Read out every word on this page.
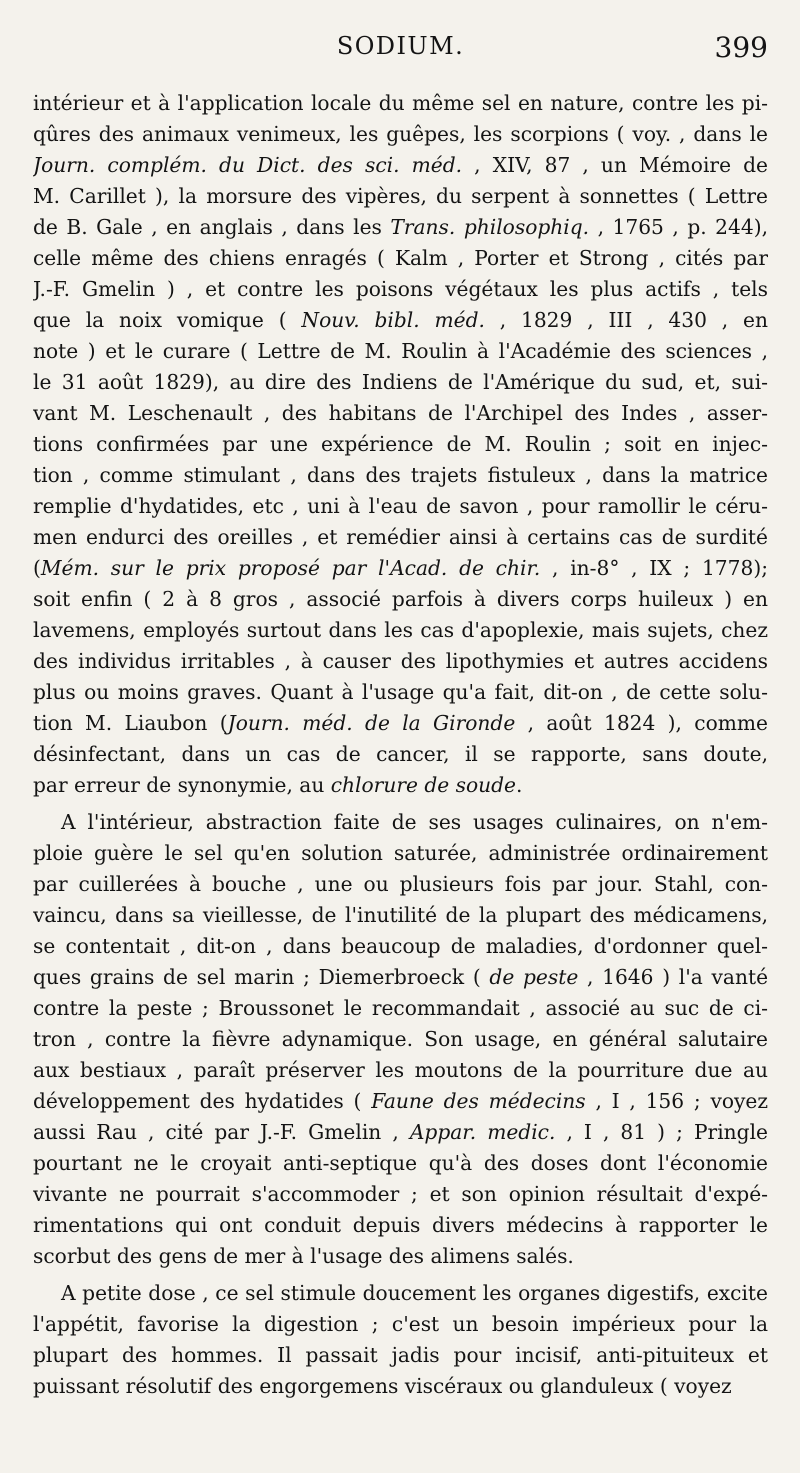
SODIUM.	399
intérieur et à l'application locale du même sel en nature, contre les pi-
qûres des animaux venimeux, les guêpes, les scorpions ( voy. , dans le
Journ. complém. du Dict. des sci. méd. , XIV, 87 , un Mémoire de
M. Carillet ), la morsure des vipères, du serpent à sonnettes ( Lettre
de B. Gale , en anglais , dans les Trans. philosophiq. , 1765 , p. 244),
celle même des chiens enragés ( Kalm , Porter et Strong , cités par
J.-F. Gmelin ) , et contre les poisons végétaux les plus actifs , tels
que la noix vomique ( Nouv. bibl. méd. , 1829 , III , 430 , en
note ) et le curare ( Lettre de M. Roulin à l'Académie des sciences ,
le 31 août 1829), au dire des Indiens de l'Amérique du sud, et, sui-
vant M. Leschenault , des habitans de l'Archipel des Indes , asser-
tions confirmées par une expérience de M. Roulin ; soit en injec-
tion , comme stimulant , dans des trajets fistuleux , dans la matrice
remplie d'hydatides, etc , uni à l'eau de savon , pour ramollir le céru-
men endurci des oreilles , et remédier ainsi à certains cas de surdité
(Mém. sur le prix proposé par l'Acad. de chir. , in-8° , IX ; 1778);
soit enfin ( 2 à 8 gros , associé parfois à divers corps huileux ) en
lavemens, employés surtout dans les cas d'apoplexie, mais sujets, chez
des individus irritables , à causer des lipothymies et autres accidens
plus ou moins graves. Quant à l'usage qu'a fait, dit-on , de cette solu-
tion M. Liaubon (Journ. méd. de la Gironde , août 1824 ), comme
désinfectant, dans un cas de cancer, il se rapporte, sans doute,
par erreur de synonymie, au chlorure de soude.
A l'intérieur, abstraction faite de ses usages culinaires, on n'em-
ploie guère le sel qu'en solution saturée, administrée ordinairement
par cuillerées à bouche , une ou plusieurs fois par jour. Stahl, con-
vaincu, dans sa vieillesse, de l'inutilité de la plupart des médicamens,
se contentait , dit-on , dans beaucoup de maladies, d'ordonner quel-
ques grains de sel marin ; Diemerbroeck ( de peste , 1646 ) l'a vanté
contre la peste ; Broussonet le recommandait , associé au suc de ci-
tron , contre la fièvre adynamique. Son usage, en général salutaire
aux bestiaux , paraît préserver les moutons de la pourriture due au
développement des hydatides ( Faune des médecins , I , 156 ; voyez
aussi Rau , cité par J.-F. Gmelin , Appar. medic. , I , 81 ) ; Pringle
pourtant ne le croyait anti-septique qu'à des doses dont l'économie
vivante ne pourrait s'accommoder ; et son opinion résultait d'expé-
rimentations qui ont conduit depuis divers médecins à rapporter le
scorbut des gens de mer à l'usage des alimens salés.
A petite dose , ce sel stimule doucement les organes digestifs, excite
l'appétit, favorise la digestion ; c'est un besoin impérieux pour la
plupart des hommes. Il passait jadis pour incisif, anti-pituiteux et
puissant résolutif des engorgemens viscéraux ou glanduleux ( voyez
